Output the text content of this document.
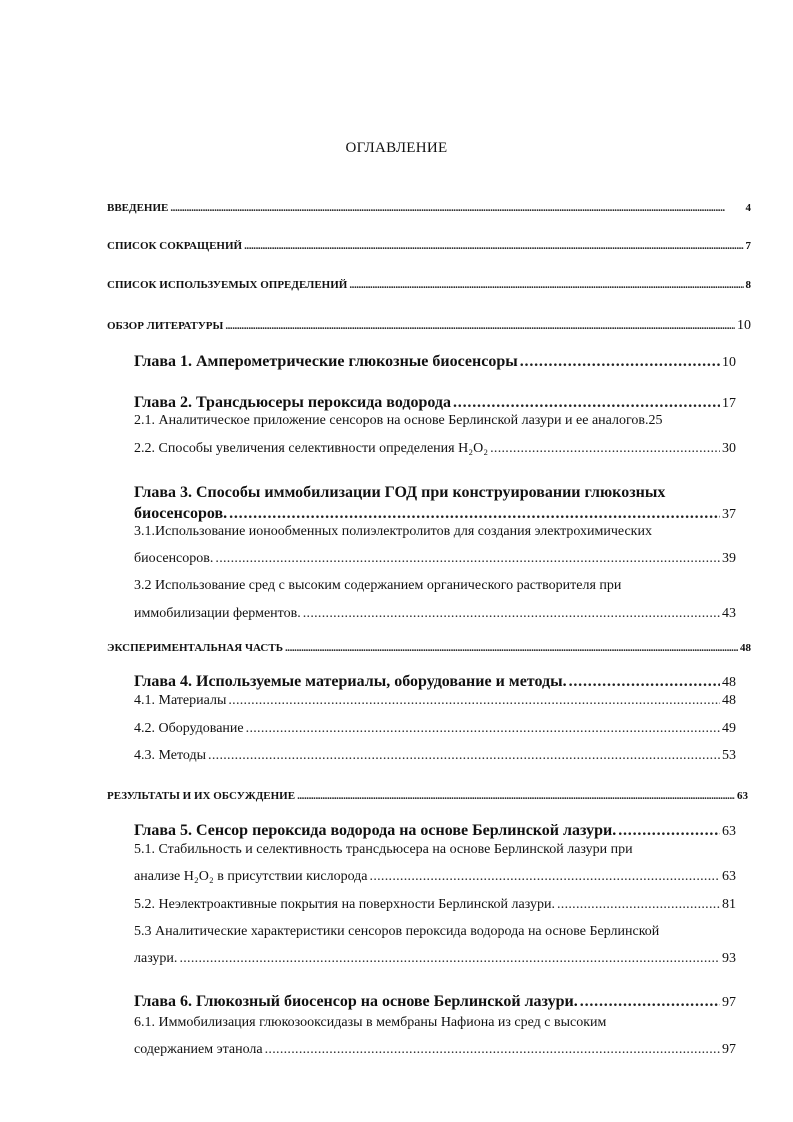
ОГЛАВЛЕНИЕ
ВВЕДЕНИЕ . . .	4
СПИСОК СОКРАЩЕНИЙ . . .	7
СПИСОК ИСПОЛЬЗУЕМЫХ ОПРЕДЕЛЕНИЙ . . .	8
ОБЗОР ЛИТЕРАТУРЫ . . .	10
Глава 1. Амперометрические глюкозные биосенсоры . . .	10
Глава 2. Трансдьюсеры пероксида водорода . . .	17
2.1. Аналитическое приложение сенсоров на основе Берлинской лазури и ее аналогов. 25
2.2. Способы увеличения селективности определения H₂O₂ . . .	30
Глава 3. Способы иммобилизации ГОД при конструировании глюкозных
биосенсоров. . . .	37
3.1.Использование ионообменных полиэлектролитов для создания электрохимических
биосенсоров. . . .	39
3.2 Использование сред с высоким содержанием органического растворителя при
иммобилизации ферментов. . . .	43
ЭКСПЕРИМЕНТАЛЬНАЯ ЧАСТЬ . . .	48
Глава 4. Используемые материалы, оборудование и методы. . . .	48
4.1. Материалы . . .	48
4.2. Оборудование . . .	49
4.3. Методы . . .	53
РЕЗУЛЬТАТЫ И ИХ ОБСУЖДЕНИЕ . . .	63
Глава 5. Сенсор пероксида водорода на основе Берлинской лазури. . . .	63
5.1. Стабильность и селективность трансдьюсера на основе Берлинской лазури при
анализе H₂O₂ в присутствии кислорода . . .	63
5.2. Неэлектроактивные покрытия на поверхности Берлинской лазури. . . .	81
5.3 Аналитические характеристики сенсоров пероксида водорода на основе Берлинской
лазури. . . .	93
Глава 6. Глюкозный биосенсор на основе Берлинской лазури. . . .	97
6.1. Иммобилизация глюкозооксидазы в мембраны Нафиона из сред с высоким
содержанием этанола . . .	97
